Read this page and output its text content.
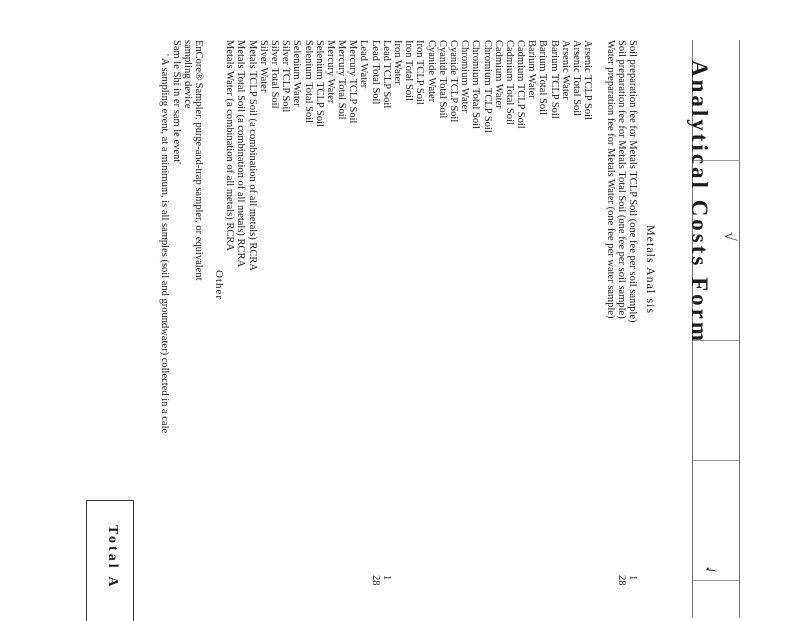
√
✓
Analytical Costs Form
Metals Anal sis
Soil preparation fee for Metals TCLP Soil (one fee per soil sample)
1
Soil preparation fee for Metals Total Soil (one fee per soil sample)
28
Water preparation fee for Metals Water (one fee per water sample)
Arsenic TCLP Soil
Arsenic Total Soil
Arsenic Water
Barium TCLP Soil
Barium Total Soil
Barium Water
Cadmium TCLP Soil
Cadmium Total Soil
Cadmium Water
Chromium TCLP Soil
Chromium Total Soil
Chromium Water
Cyanide TCLP Soil
Cyanide Total Soil
Cyanide Water
Iron TCLP Soil
Iron Total Soil
Iron Water
Lead TCLP Soil
1
Lead Total Soil
28
Lead Water
Mercury TCLP Soil
Mercury Total Soil
Mercury Water
Selenium TCLP Soil
Selenium Total Soil
Selenium Water
Silver TCLP Soil
Silver Total Soil
Silver Water
Metals TCLP Soil (a combination of all metals) RCRA
Metals Total Soil (a combination of all metals) RCRA
Metals Water (a combination of all metals) RCRA
Other
EnCore® Sampler, purge-and-trap sampler, or equivalent
sampling device
Sam le Shi in er sam le event'
' A sampling event, at a minimum, is all samples (soil and groundwater) collected in a cale
Total A
